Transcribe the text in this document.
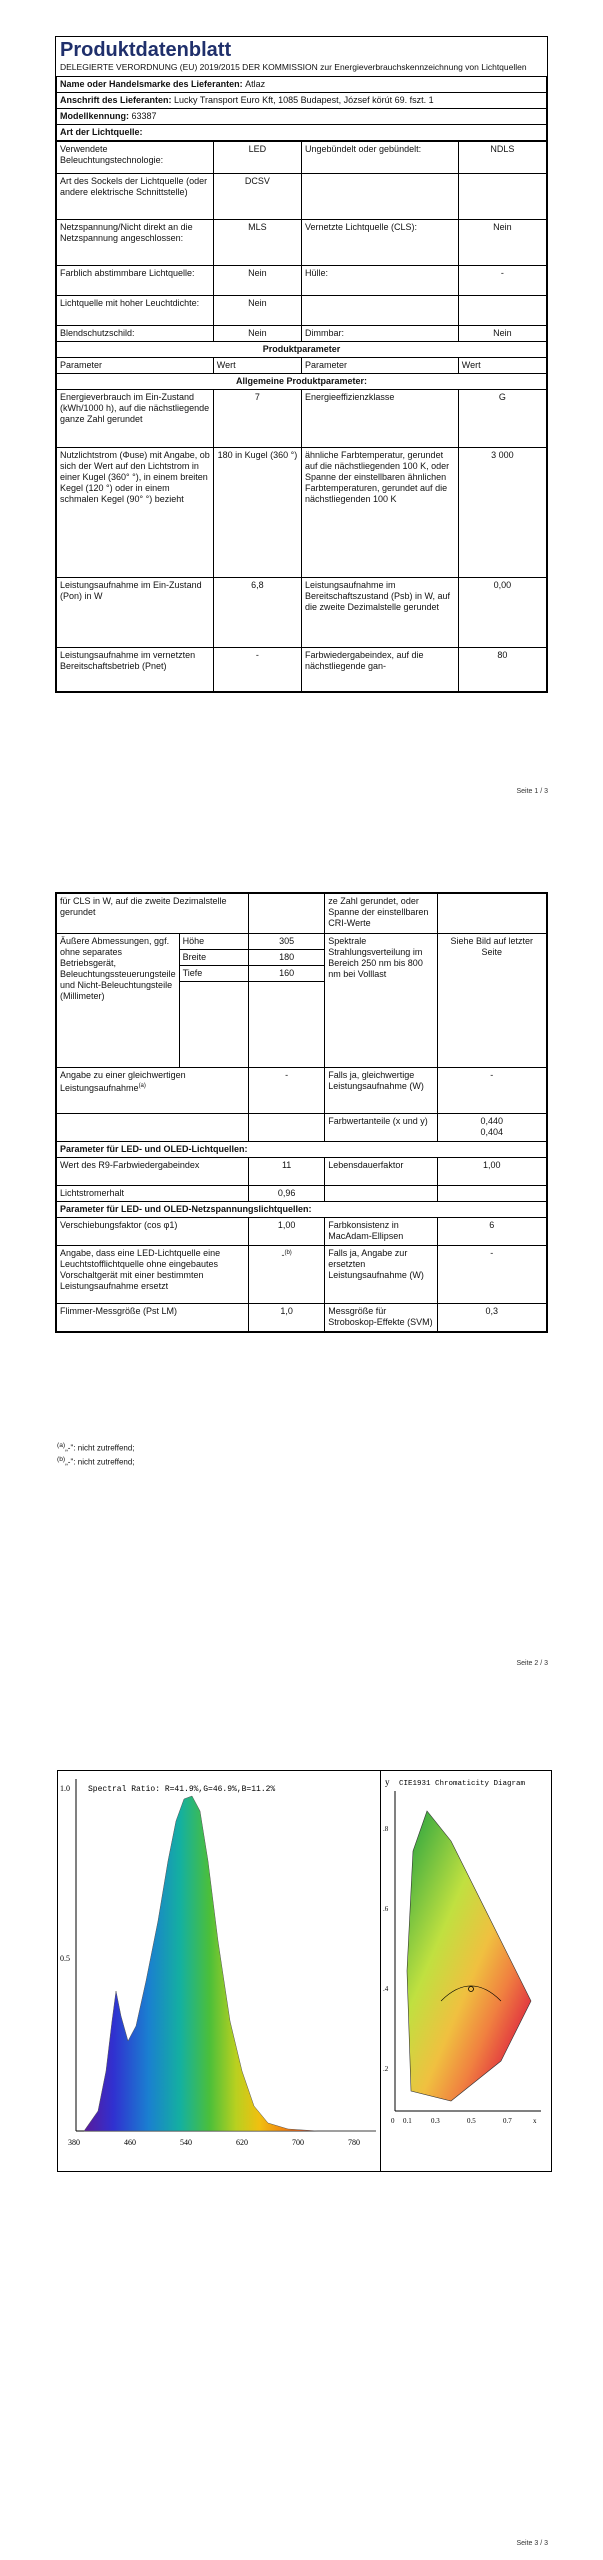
Produktdatenblatt
DELEGIERTE VERORDNUNG (EU) 2019/2015 DER KOMMISSION zur Energieverbrauchskennzeichnung von Lichtquellen
Name oder Handelsmarke des Lieferanten: Atlaz
Anschrift des Lieferanten: Lucky Transport Euro Kft, 1085 Budapest, József körút 69. fszt. 1
Modellkennung: 63387
Art der Lichtquelle:
Verwendete Beleuchtungstechnologie:	LED	Ungebündelt oder gebündelt:	NDLS
Art des Sockels der Lichtquelle (oder andere elektrische Schnittstelle)	DCSV		
Netzspannung/Nicht direkt an die Netzspannung angeschlossen:	MLS	Vernetzte Lichtquelle (CLS):	Nein
Farblich abstimmbare Lichtquelle:	Nein	Hülle:	-
Lichtquelle mit hoher Leuchtdichte:	Nein		
Blendschutzschild:	Nein	Dimmbar:	Nein
Produktparameter			
Parameter	Wert	Parameter	Wert
Allgemeine Produktparameter:			
Energieverbrauch im Ein-Zustand (kWh/1000 h), auf die nächstliegende ganze Zahl gerundet	7	Energieeffizienzklasse	G
Nutzlichtstrom (Φuse) mit Angabe, ob sich der Wert auf den Lichtstrom in einer Kugel (360° °), in einem breiten Kegel (120 °) oder in einem schmalen Kegel (90° °) bezieht	180 in Kugel (360 °)	ähnliche Farbtemperatur, gerundet auf die nächstliegenden 100 K, oder Spanne der einstellbaren ähnlichen Farbtemperaturen, gerundet auf die nächstliegenden 100 K	3 000
Leistungsaufnahme im Ein-Zustand (Pon) in W	6,8	Leistungsaufnahme im Bereitschaftszustand (Psb) in W, auf die zweite Dezimalstelle gerundet	0,00
Leistungsaufnahme im vernetzten Bereitschaftsbetrieb (Pnet)	-	Farbwiedergabeindex, auf die nächstliegende gan-	80
Seite 1 / 3
für CLS in W, auf die zweite Dezimalstelle gerundet			ze Zahl gerundet, oder Spanne der einstellbaren CRI-Werte	
Äußere Abmessungen, ggf. ohne separates Betriebsgerät, Beleuchtungssteuerungsteile und Nicht-Beleuchtungsteile (Millimeter)	Höhe	305	Spektrale Strahlungsverteilung im Bereich 250 nm bis 800 nm bei Volllast	Siehe Bild auf letzter Seite
	Breite	180		
	Tiefe	160		

Angabe zu einer gleichwertigen Leistungsaufnahme$^{(a)}$		-	Falls ja, gleichwertige Leistungsaufnahme (W)	-
			Farbwertanteile (x und y)	0,440
0,404
Parameter für LED- und OLED-Lichtquellen:				
Wert des R9-Farbwiedergabeindex		11	Lebensdauerfaktor	1,00
Lichtstromerhalt		0,96		
Parameter für LED- und OLED-Netzspannungslichtquellen:				
Verschiebungsfaktor (cos φ1)		1,00	Farbkonsistenz in MacAdam-Ellipsen	6
Angabe, dass eine LED-Lichtquelle eine Leuchtstofflichtquelle ohne eingebautes Vorschaltgerät mit einer bestimmten Leistungsaufnahme ersetzt		-$^{(b)}$	Falls ja, Angabe zur ersetzten Leistungsaufnahme (W)	-
Flimmer-Messgröße (Pst LM)		1,0	Messgröße für Stroboskop-Effekte (SVM)	0,3
$^{(a)}$„-": nicht zutreffend;
$^{(b)}$„-": nicht zutreffend;
Seite 2 / 3
Spectral Ratio: R=41.9%,G=46.9%,B=11.2%
1.0
0.5
380	460	540	620	700	780
y CIE1931 Chromaticity Diagram
.8
.6
.4
.2
0 0.1	0.3	0.5	0.7	x
Seite 3 / 3
